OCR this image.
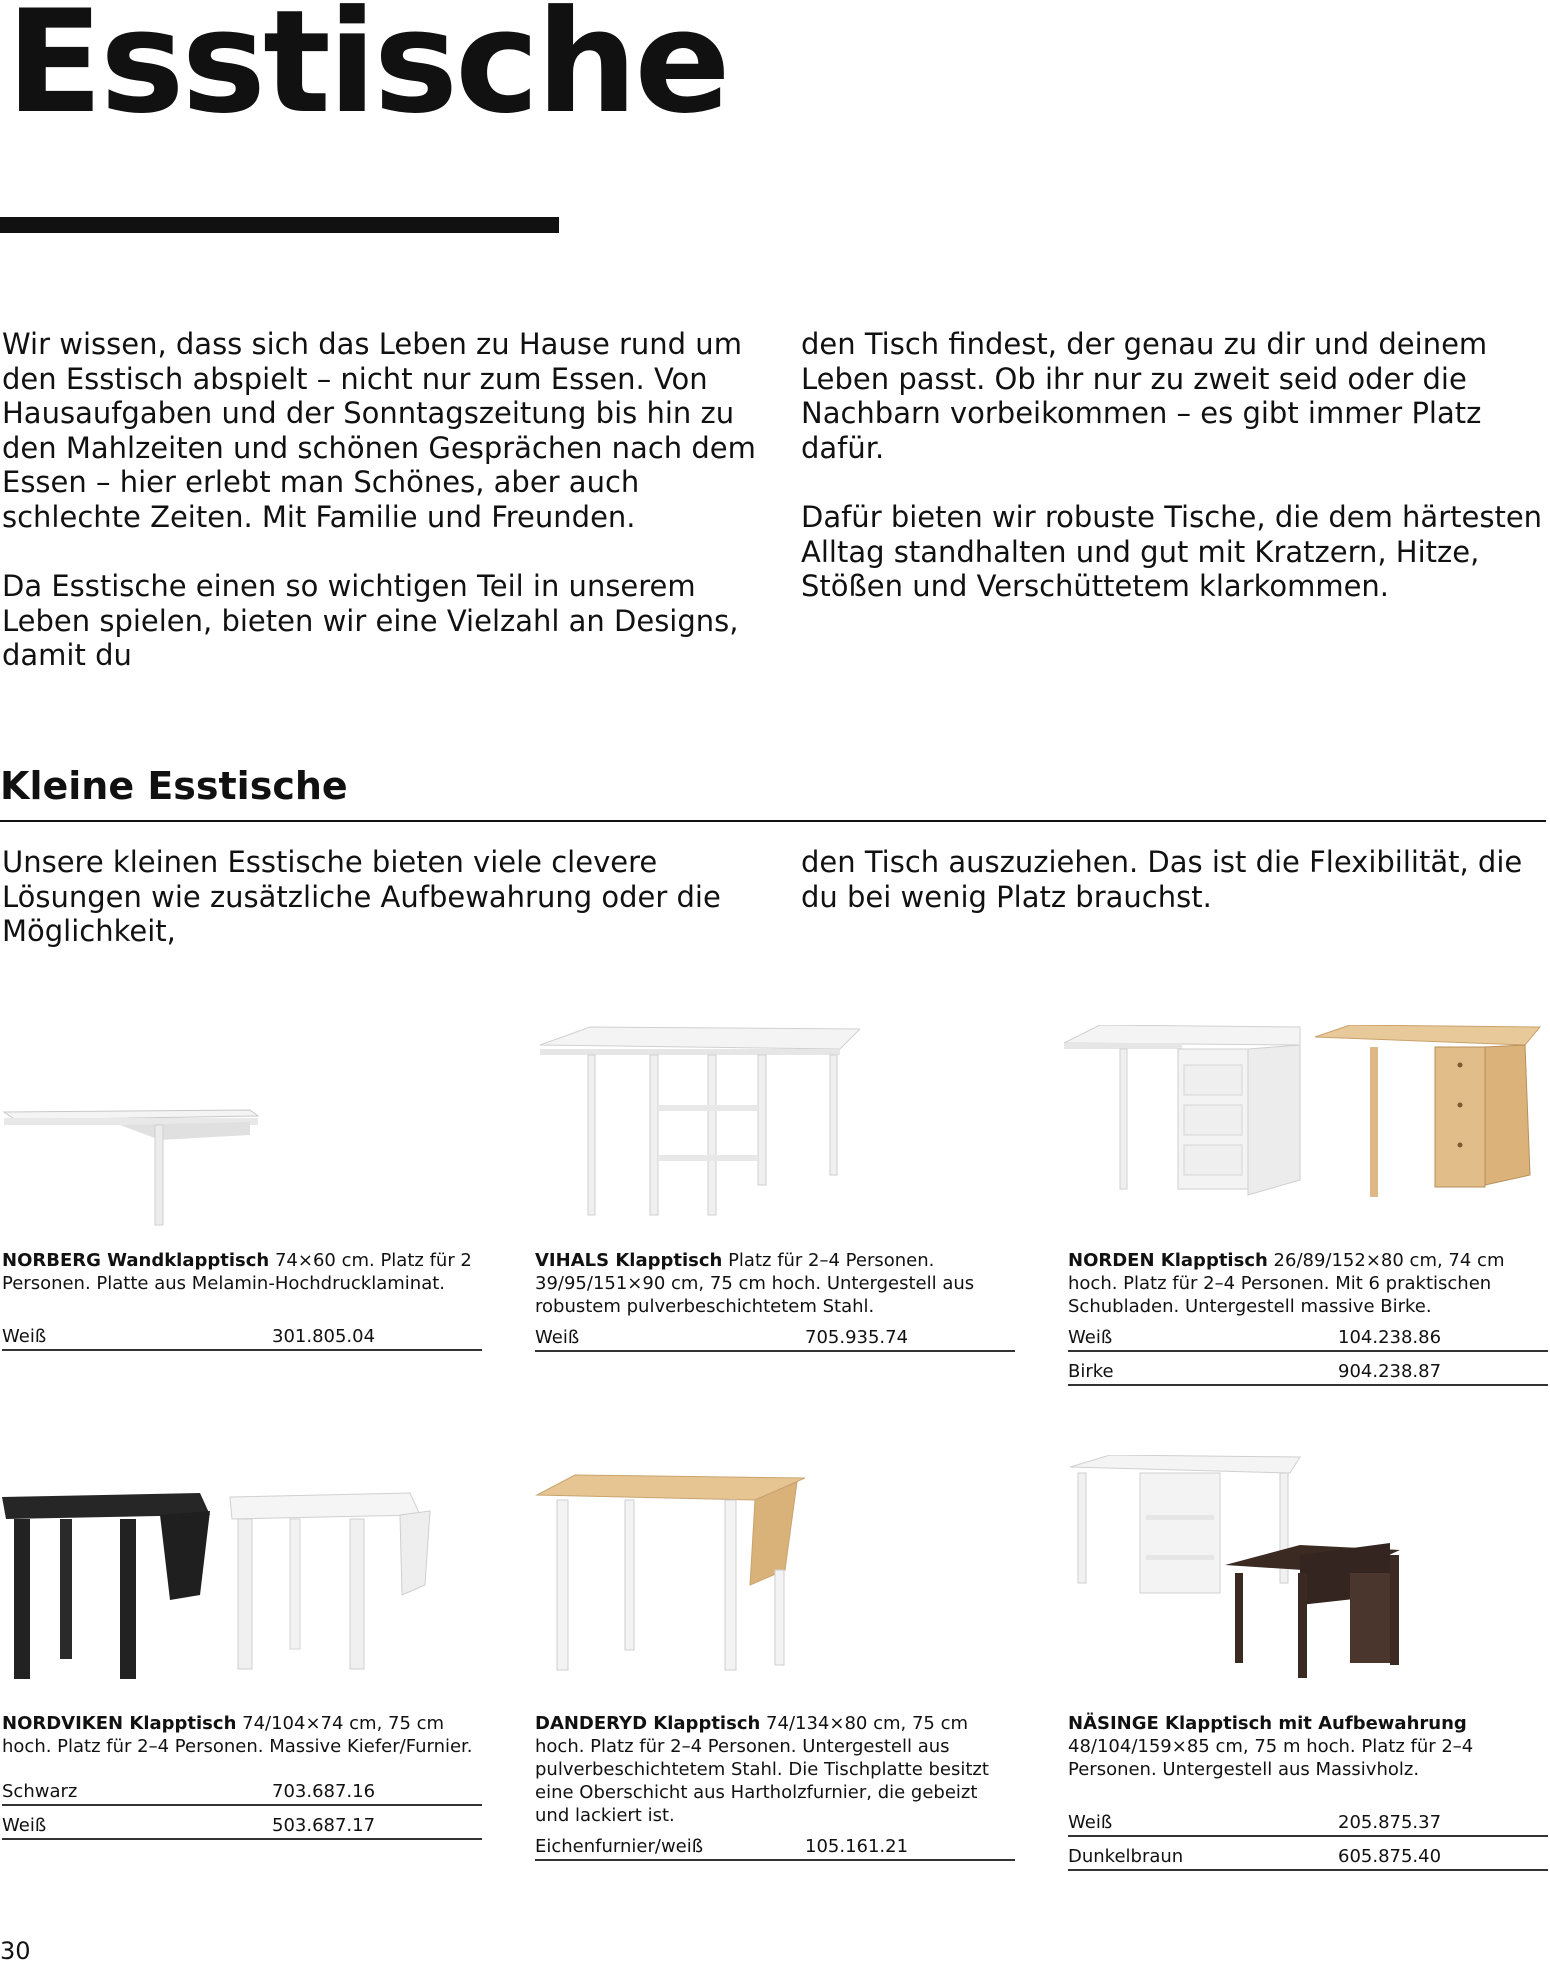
Esstische

Wir wissen, dass sich das Leben zu Hause rund um den Esstisch abspielt – nicht nur zum Essen. Von Hausaufgaben und der Sonntagszeitung bis hin zu den Mahlzeiten und schönen Gesprächen nach dem Essen – hier erlebt man Schönes, aber auch schlechte Zeiten. Mit Familie und Freunden.

Da Esstische einen so wichtigen Teil in unserem Leben spielen, bieten wir eine Vielzahl an Designs, damit du

den Tisch findest, der genau zu dir und deinem Leben passt. Ob ihr nur zu zweit seid oder die Nachbarn vorbeikommen – es gibt immer Platz dafür.

Dafür bieten wir robuste Tische, die dem härtesten Alltag standhalten und gut mit Kratzern, Hitze, Stößen und Verschüttetem klarkommen.

Kleine Esstische

Unsere kleinen Esstische bieten viele clevere Lösungen wie zusätzliche Aufbewahrung oder die Möglichkeit,

den Tisch auszuziehen. Das ist die Flexibilität, die du bei wenig Platz brauchst.

NORBERG Wandklapptisch 74×60 cm. Platz für 2 Personen. Platte aus Melamin-Hochdrucklaminat.

Weiß	301.805.04

VIHALS Klapptisch Platz für 2–4 Personen. 39/95/151×90 cm, 75 cm hoch. Untergestell aus robustem pulverbeschichtetem Stahl.

Weiß	705.935.74

NORDEN Klapptisch 26/89/152×80 cm, 74 cm hoch. Platz für 2–4 Personen. Mit 6 praktischen Schubladen. Untergestell massive Birke.

Weiß	104.238.86
Birke	904.238.87

NORDVIKEN Klapptisch 74/104×74 cm, 75 cm hoch. Platz für 2–4 Personen. Massive Kiefer/Furnier.

Schwarz	703.687.16
Weiß	503.687.17

DANDERYD Klapptisch 74/134×80 cm, 75 cm hoch. Platz für 2–4 Personen. Untergestell aus pulverbeschichtetem Stahl. Die Tischplatte besitzt eine Oberschicht aus Hartholzfurnier, die gebeizt und lackiert ist.

Eichenfurnier/weiß	105.161.21

NÄSINGE Klapptisch mit Aufbewahrung 48/104/159×85 cm, 75 m hoch. Platz für 2–4 Personen. Untergestell aus Massivholz.

Weiß	205.875.37
Dunkelbraun	605.875.40
30
